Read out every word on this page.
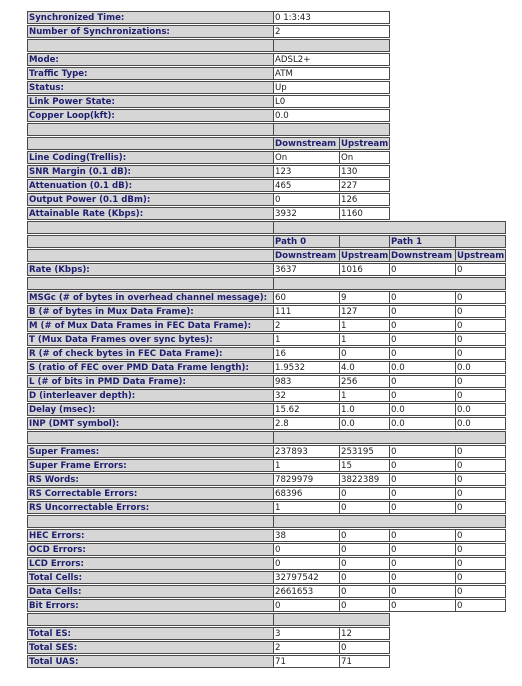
Synchronized Time:	0 1:3:43
Number of Synchronizations:	2
Mode:	ADSL2+
Traffic Type:	ATM
Status:	Up
Link Power State:	L0
Copper Loop(kft):	0.0
Downstream Upstream
Line Coding(Trellis):	On	On
SNR Margin (0.1 dB):	123	130
Attenuation (0.1 dB):	465	227
Output Power (0.1 dBm):	0	126
Attainable Rate (Kbps):	3932	1160
Path 0	Path 1
Downstream Upstream Downstream Upstream
Rate (Kbps):	3637	1016	0	0
MSGc (# of bytes in overhead channel message): 60	9	0	0
B (# of bytes in Mux Data Frame):	111	127	0	0
M (# of Mux Data Frames in FEC Data Frame):	2	1	0	0
T (Mux Data Frames over sync bytes):	1	1	0	0
R (# of check bytes in FEC Data Frame):	16	0	0	0
S (ratio of FEC over PMD Data Frame length):	1.9532	4.0	0.0	0.0
L (# of bits in PMD Data Frame):	983	256	0	0
D (interleaver depth):	32	1	0	0
Delay (msec):	15.62	1.0	0.0	0.0
INP (DMT symbol):	2.8	0.0	0.0	0.0
Super Frames:	237893	253195	0	0
Super Frame Errors:	1	15	0	0
RS Words:	7829979	3822389	0	0
RS Correctable Errors:	68396	0	0	0
RS Uncorrectable Errors:	1	0	0	0
HEC Errors:	38	0	0	0
OCD Errors:	0	0	0	0
LCD Errors:	0	0	0	0
Total Cells:	32797542	0	0	0
Data Cells:	2661653	0	0	0
Bit Errors:	0	0	0	0
Total ES:	3	12
Total SES:	2	0
Total UAS:	71	71
